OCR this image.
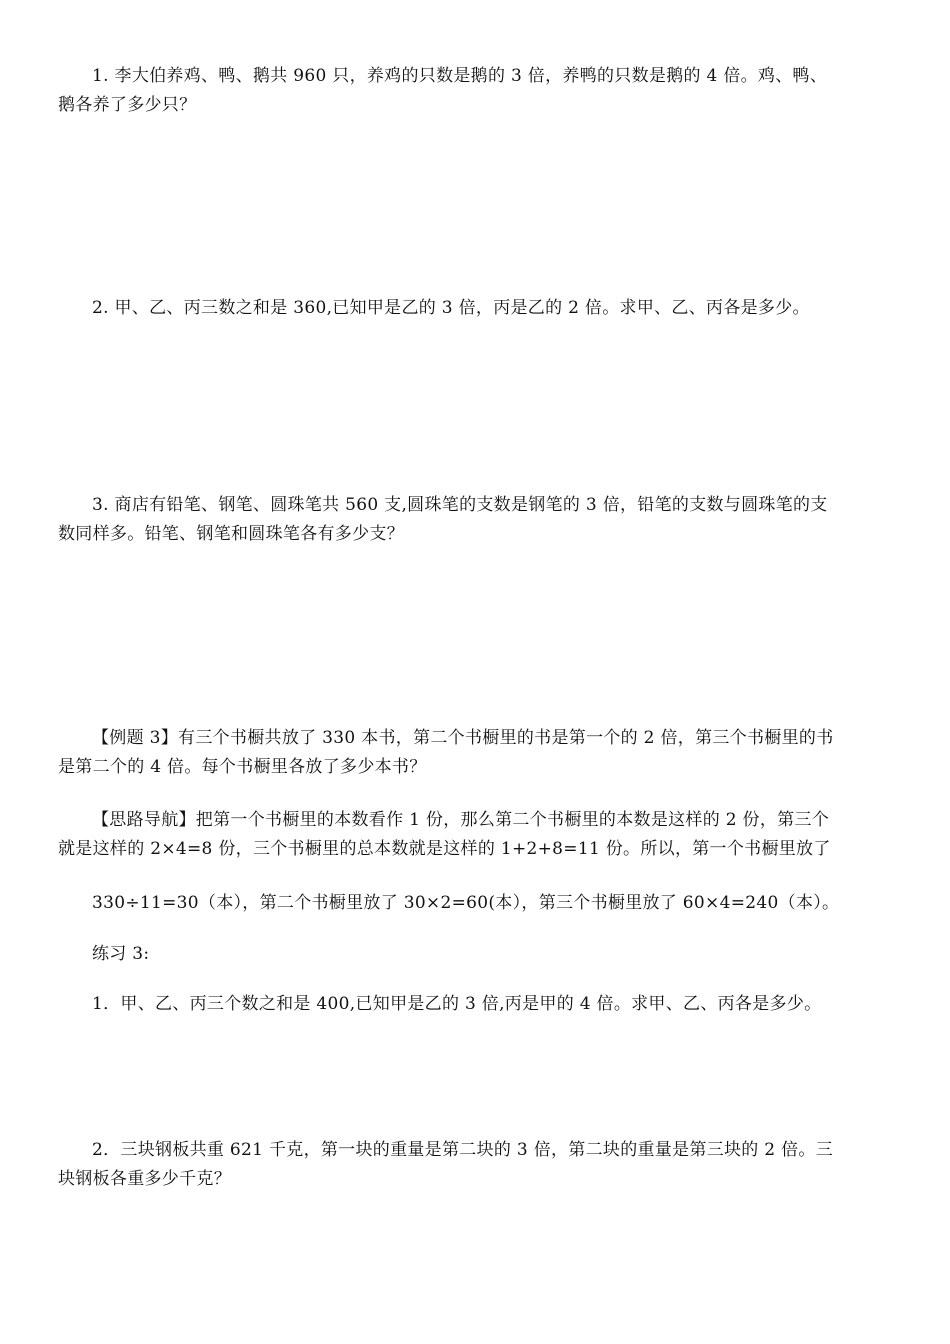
1. 李大伯养鸡、鸭、鹅共 960 只，养鸡的只数是鹅的 3 倍，养鸭的只数是鹅的 4 倍。鸡、鸭、
鹅各养了多少只？

2. 甲、乙、丙三数之和是 360,已知甲是乙的 3 倍，丙是乙的 2 倍。求甲、乙、丙各是多少。

3. 商店有铅笔、钢笔、圆珠笔共 560 支,圆珠笔的支数是钢笔的 3 倍，铅笔的支数与圆珠笔的支
数同样多。铅笔、钢笔和圆珠笔各有多少支？

【例题 3】有三个书橱共放了 330 本书，第二个书橱里的书是第一个的 2 倍，第三个书橱里的书
是第二个的 4 倍。每个书橱里各放了多少本书？

【思路导航】把第一个书橱里的本数看作 1 份，那么第二个书橱里的本数是这样的 2 份，第三个
就是这样的 2×4=8 份，三个书橱里的总本数就是这样的 1+2+8=11 份。所以，第一个书橱里放了

330÷11=30（本），第二个书橱里放了 30×2=60(本），第三个书橱里放了 60×4=240（本）。

练习 3:

1．甲、乙、丙三个数之和是 400,已知甲是乙的 3 倍,丙是甲的 4 倍。求甲、乙、丙各是多少。

2．三块钢板共重 621 千克，第一块的重量是第二块的 3 倍，第二块的重量是第三块的 2 倍。三
块钢板各重多少千克？
